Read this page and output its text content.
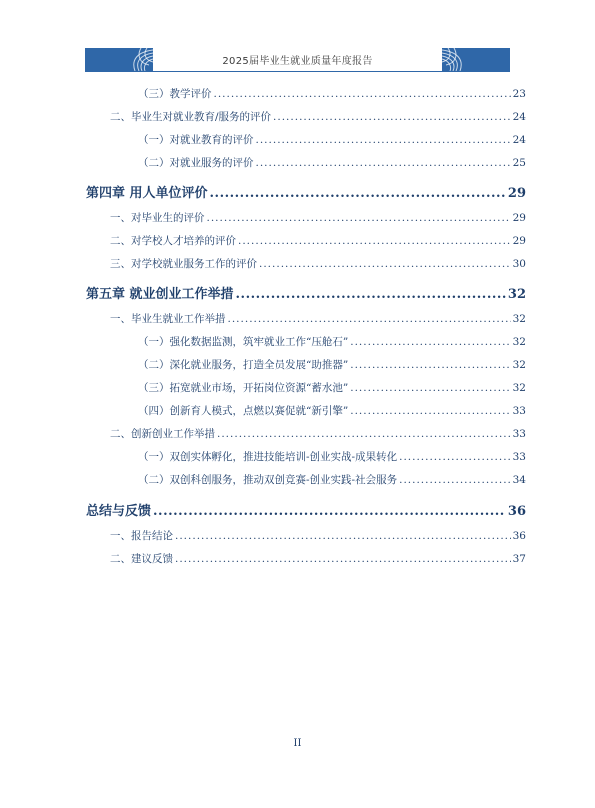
2025届毕业生就业质量年度报告
（三）教学评价 .....	23
二、毕业生对就业教育/服务的评价 .....	24
（一）对就业教育的评价 .....	24
（二）对就业服务的评价 .....	25
第四章 用人单位评价 .....	29
一、对毕业生的评价 .....	29
二、对学校人才培养的评价 .....	29
三、对学校就业服务工作的评价 .....	30
第五章 就业创业工作举措 .....	32
一、毕业生就业工作举措 .....	32
（一）强化数据监测，筑牢就业工作“压舱石” .....	32
（二）深化就业服务，打造全员发展“助推器” .....	32
（三）拓宽就业市场，开拓岗位资源“蓄水池” .....	32
（四）创新育人模式，点燃以赛促就“新引擎” .....	33
二、创新创业工作举措 .....	33
（一）双创实体孵化，推进技能培训-创业实战-成果转化 .....	33
（二）双创科创服务，推动双创竞赛-创业实践-社会服务 .....	34
总结与反馈 .....	36
一、报告结论 .....	36
二、建议反馈 .....	37
II
